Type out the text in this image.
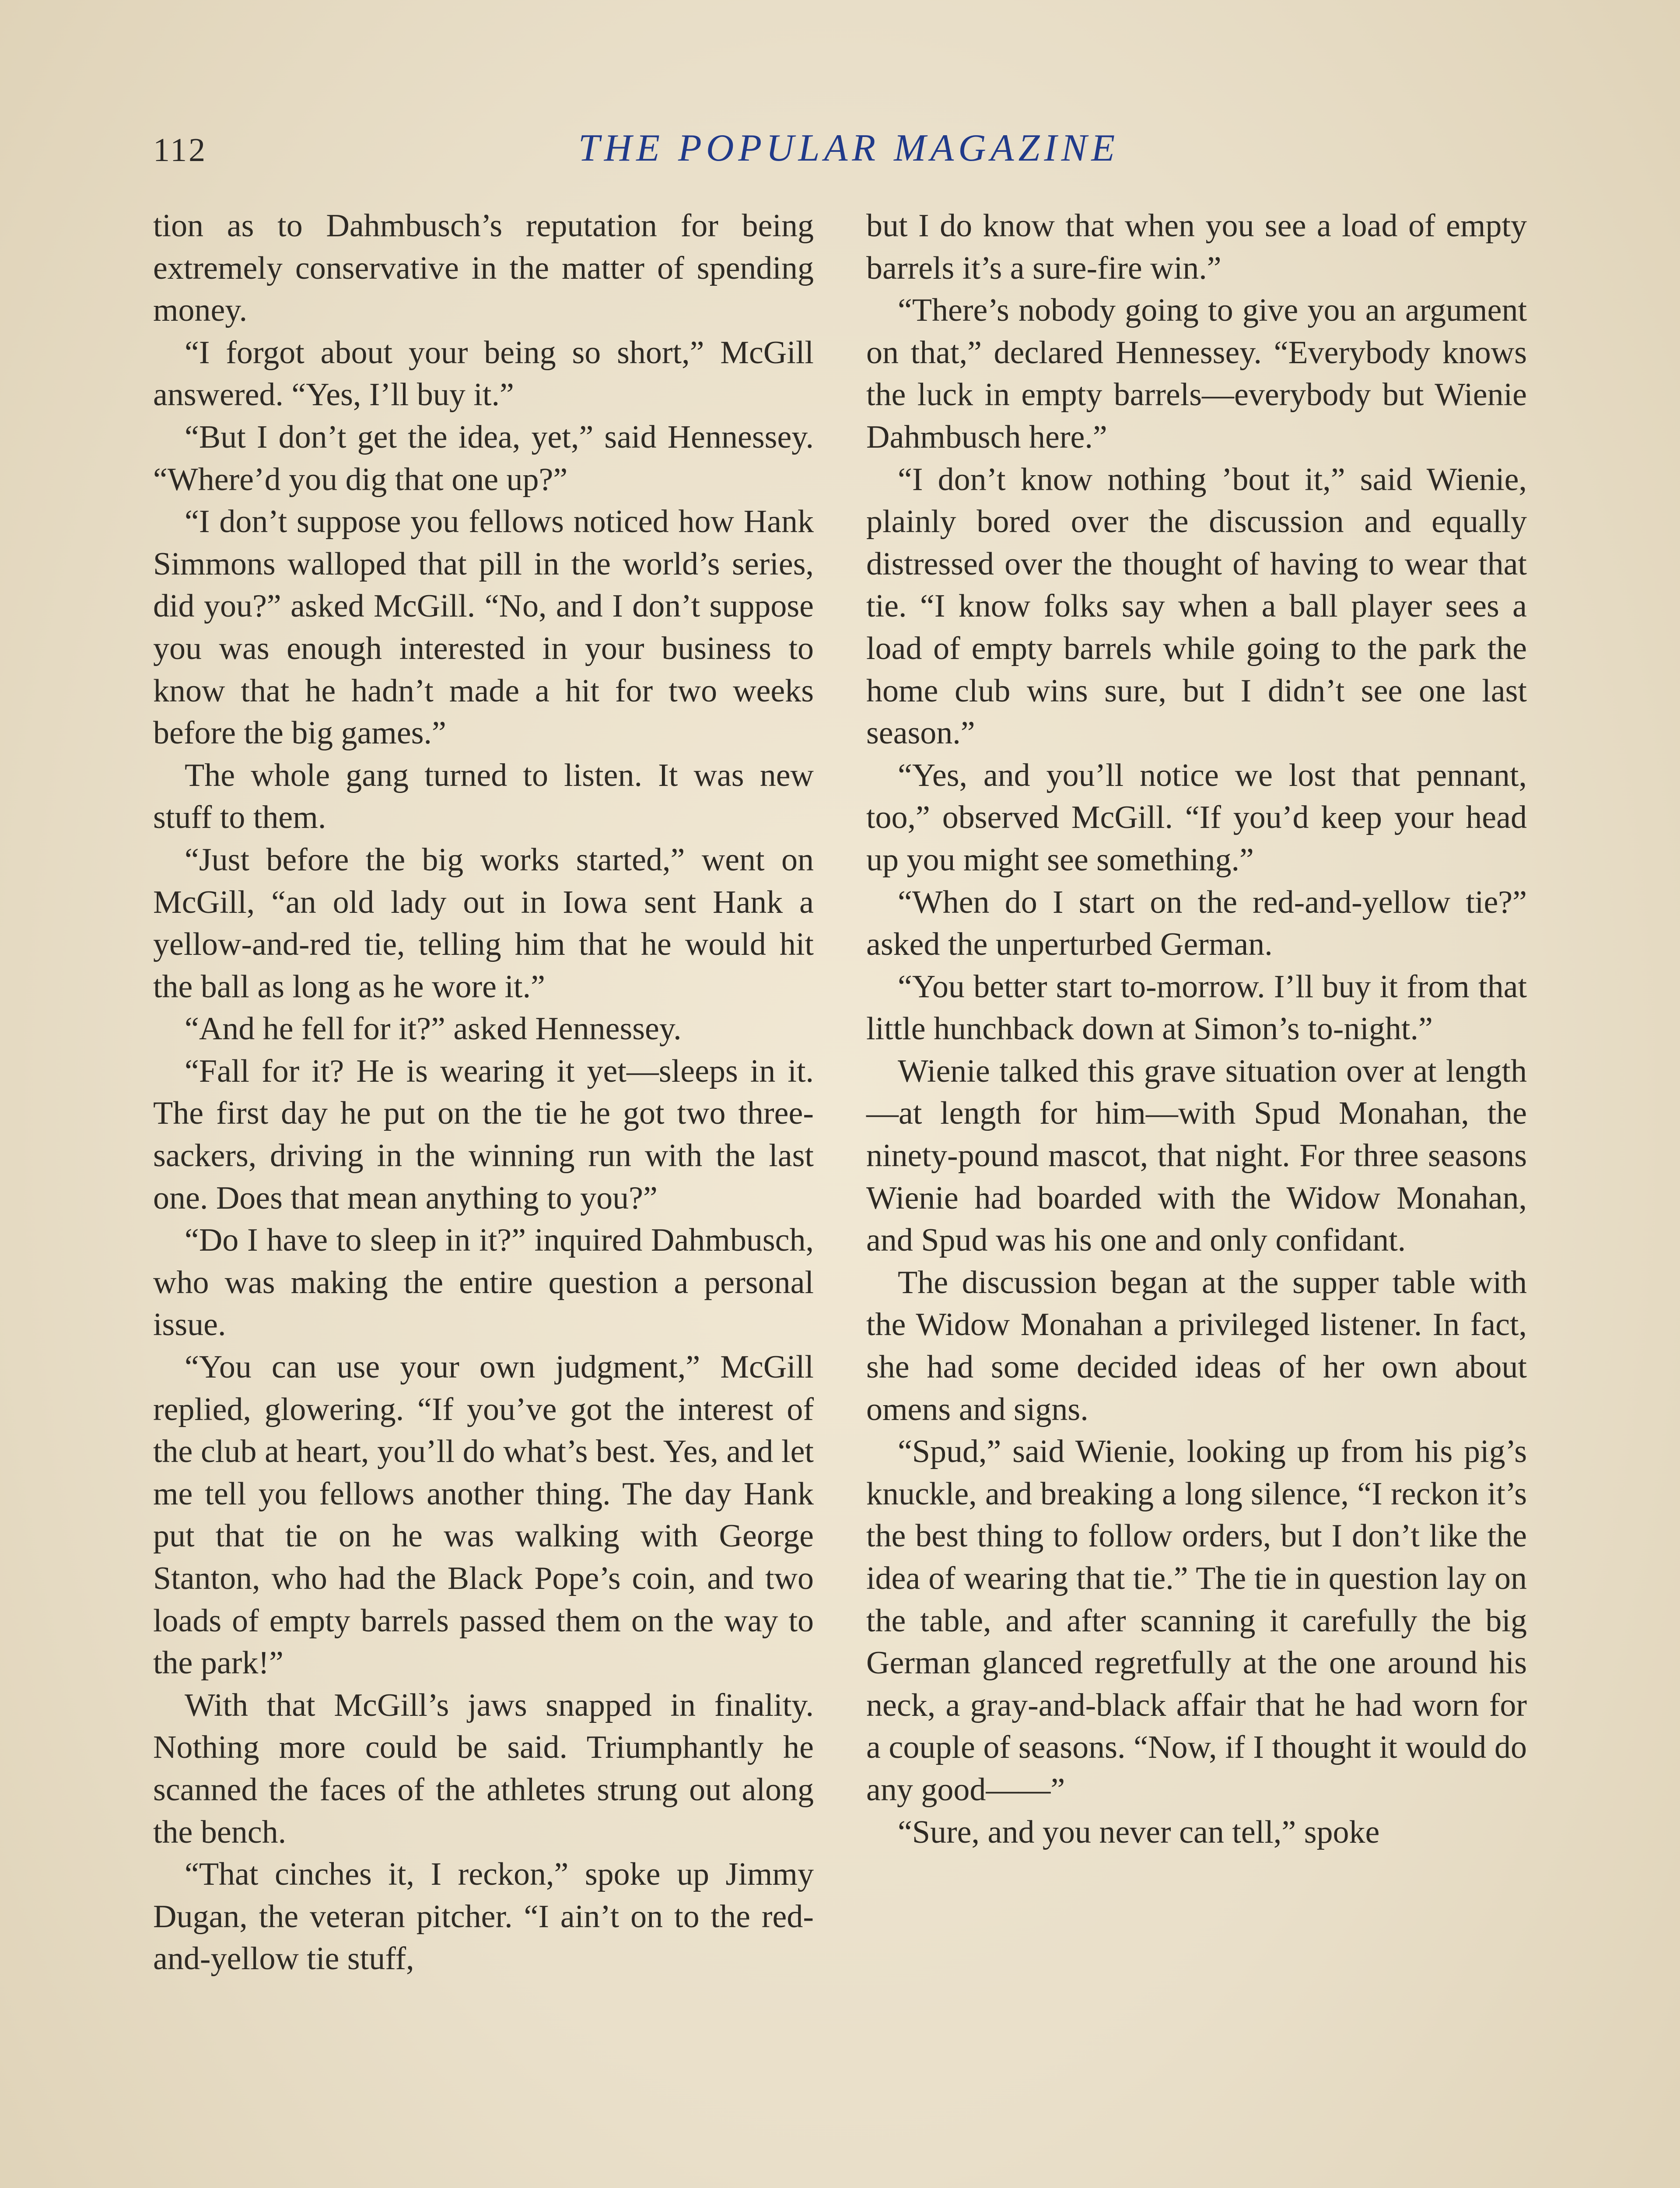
112	THE POPULAR MAGAZINE

tion as to Dahmbusch’s reputation for being extremely conservative in the matter of spending money.

“I forgot about your being so short,” McGill answered. “Yes, I’ll buy it.”

“But I don’t get the idea, yet,” said Hennessey. “Where’d you dig that one up?”

“I don’t suppose you fellows noticed how Hank Simmons walloped that pill in the world’s series, did you?” asked McGill. “No, and I don’t suppose you was enough interested in your business to know that he hadn’t made a hit for two weeks before the big games.”

The whole gang turned to listen. It was new stuff to them.

“Just before the big works started,” went on McGill, “an old lady out in Iowa sent Hank a yellow-and-red tie, telling him that he would hit the ball as long as he wore it.”

“And he fell for it?” asked Hennessey.

“Fall for it? He is wearing it yet—sleeps in it. The first day he put on the tie he got two three-sackers, driving in the winning run with the last one. Does that mean anything to you?”

“Do I have to sleep in it?” inquired Dahmbusch, who was making the entire question a personal issue.

“You can use your own judgment,” McGill replied, glowering. “If you’ve got the interest of the club at heart, you’ll do what’s best. Yes, and let me tell you fellows another thing. The day Hank put that tie on he was walking with George Stanton, who had the Black Pope’s coin, and two loads of empty barrels passed them on the way to the park!”

With that McGill’s jaws snapped in finality. Nothing more could be said. Triumphantly he scanned the faces of the athletes strung out along the bench.

“That cinches it, I reckon,” spoke up Jimmy Dugan, the veteran pitcher. “I ain’t on to the red-and-yellow tie stuff,

but I do know that when you see a load of empty barrels it’s a sure-fire win.”

“There’s nobody going to give you an argument on that,” declared Hennessey. “Everybody knows the luck in empty barrels—everybody but Wienie Dahmbusch here.”

“I don’t know nothing ’bout it,” said Wienie, plainly bored over the discussion and equally distressed over the thought of having to wear that tie. “I know folks say when a ball player sees a load of empty barrels while going to the park the home club wins sure, but I didn’t see one last season.”

“Yes, and you’ll notice we lost that pennant, too,” observed McGill. “If you’d keep your head up you might see something.”

“When do I start on the red-and-yellow tie?” asked the unperturbed German.

“You better start to-morrow. I’ll buy it from that little hunchback down at Simon’s to-night.”

Wienie talked this grave situation over at length—at length for him—with Spud Monahan, the ninety-pound mascot, that night. For three seasons Wienie had boarded with the Widow Monahan, and Spud was his one and only confidant.

The discussion began at the supper table with the Widow Monahan a privileged listener. In fact, she had some decided ideas of her own about omens and signs.

“Spud,” said Wienie, looking up from his pig’s knuckle, and breaking a long silence, “I reckon it’s the best thing to follow orders, but I don’t like the idea of wearing that tie.” The tie in question lay on the table, and after scanning it carefully the big German glanced regretfully at the one around his neck, a gray-and-black affair that he had worn for a couple of seasons. “Now, if I thought it would do any good——”

“Sure, and you never can tell,” spoke
